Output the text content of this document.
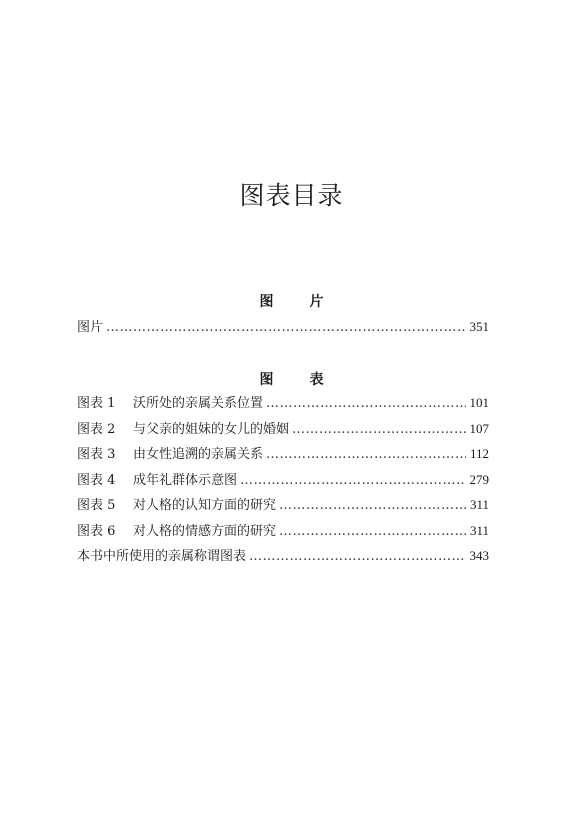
图表目录
图	片
图片 …………………………………………………………………………………………………………………………………………………………	351
图	表
图表 1 沃所处的亲属关系位置 …………………………………………………………………………………………………………………………………………………………	101
图表 2 与父亲的姐妹的女儿的婚姻 …………………………………………………………………………………………………………………………………………………………	107
图表 3 由女性追溯的亲属关系 …………………………………………………………………………………………………………………………………………………………	112
图表 4 成年礼群体示意图 …………………………………………………………………………………………………………………………………………………………	279
图表 5 对人格的认知方面的研究 …………………………………………………………………………………………………………………………………………………………	311
图表 6 对人格的情感方面的研究 …………………………………………………………………………………………………………………………………………………………	311
本书中所使用的亲属称谓图表 …………………………………………………………………………………………………………………………………………………………	343
